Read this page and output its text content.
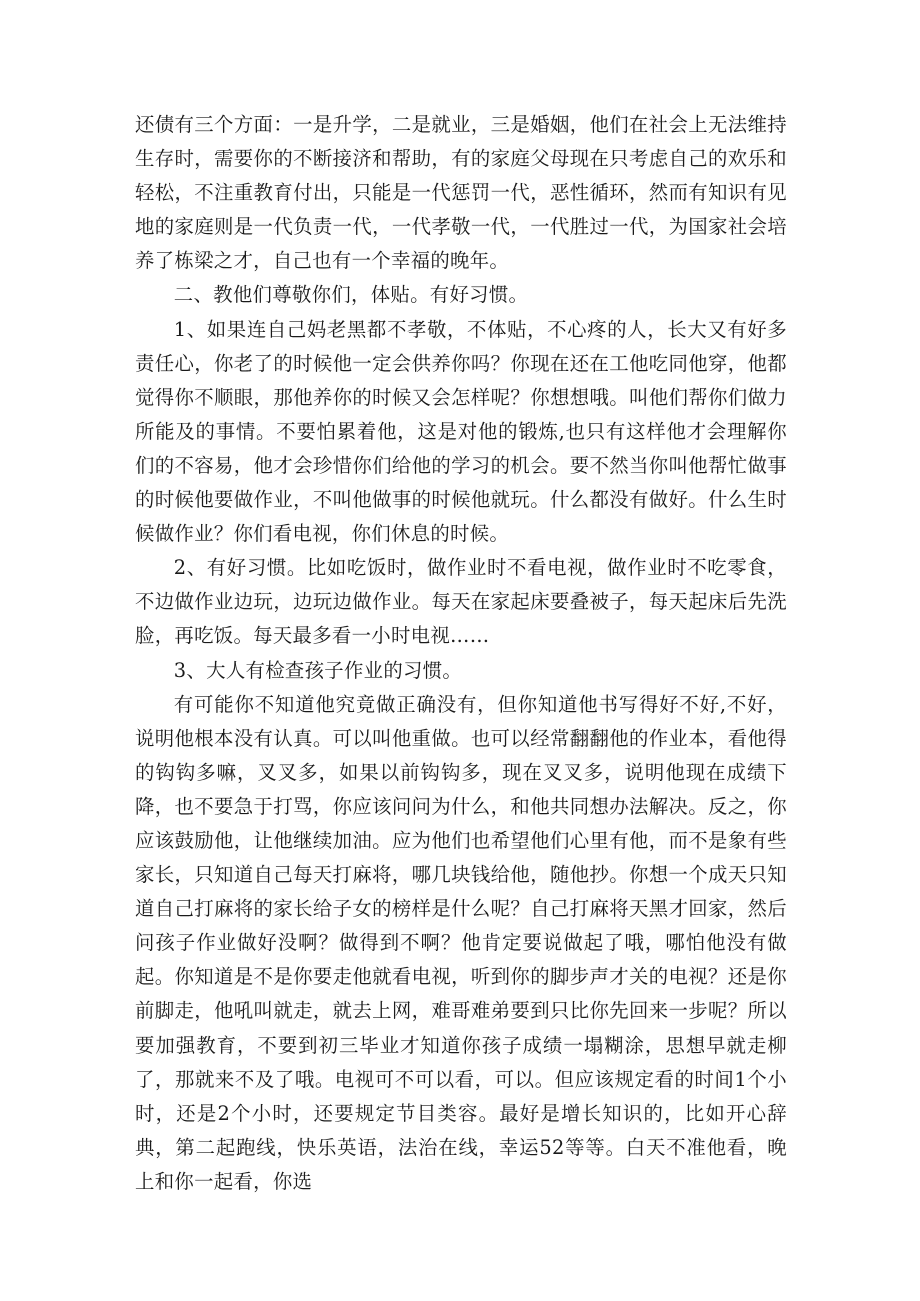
还债有三个方面：一是升学，二是就业，三是婚姻，他们在社会上无法维持生存时，需要你的不断接济和帮助，有的家庭父母现在只考虑自己的欢乐和轻松，不注重教育付出，只能是一代惩罚一代，恶性循环，然而有知识有见地的家庭则是一代负责一代，一代孝敬一代，一代胜过一代，为国家社会培养了栋梁之才，自己也有一个幸福的晚年。

二、教他们尊敬你们，体贴。有好习惯。

1、如果连自己妈老黑都不孝敬，不体贴，不心疼的人，长大又有好多责任心，你老了的时候他一定会供养你吗？你现在还在工他吃同他穿，他都觉得你不顺眼，那他养你的时候又会怎样呢？你想想哦。叫他们帮你们做力所能及的事情。不要怕累着他，这是对他的锻炼,也只有这样他才会理解你们的不容易，他才会珍惜你们给他的学习的机会。要不然当你叫他帮忙做事的时候他要做作业，不叫他做事的时候他就玩。什么都没有做好。什么生时候做作业？你们看电视，你们休息的时候。

2、有好习惯。比如吃饭时，做作业时不看电视，做作业时不吃零食，不边做作业边玩，边玩边做作业。每天在家起床要叠被子，每天起床后先洗脸，再吃饭。每天最多看一小时电视……

3、大人有检查孩子作业的习惯。

有可能你不知道他究竟做正确没有，但你知道他书写得好不好,不好，说明他根本没有认真。可以叫他重做。也可以经常翻翻他的作业本，看他得的钩钩多嘛，叉叉多，如果以前钩钩多，现在叉叉多，说明他现在成绩下降，也不要急于打骂，你应该问问为什么，和他共同想办法解决。反之，你应该鼓励他，让他继续加油。应为他们也希望他们心里有他，而不是象有些家长，只知道自己每天打麻将，哪几块钱给他，随他抄。你想一个成天只知道自己打麻将的家长给子女的榜样是什么呢？自己打麻将天黑才回家，然后问孩子作业做好没啊？做得到不啊？他肯定要说做起了哦，哪怕他没有做起。你知道是不是你要走他就看电视，听到你的脚步声才关的电视？还是你前脚走，他吼叫就走，就去上网，难哥难弟要到只比你先回来一步呢？所以要加强教育，不要到初三毕业才知道你孩子成绩一塌糊涂，思想早就走柳了，那就来不及了哦。电视可不可以看，可以。但应该规定看的时间1个小时，还是2个小时，还要规定节目类容。最好是增长知识的，比如开心辞典，第二起跑线，快乐英语，法治在线，幸运52等等。白天不准他看，晚上和你一起看，你选
